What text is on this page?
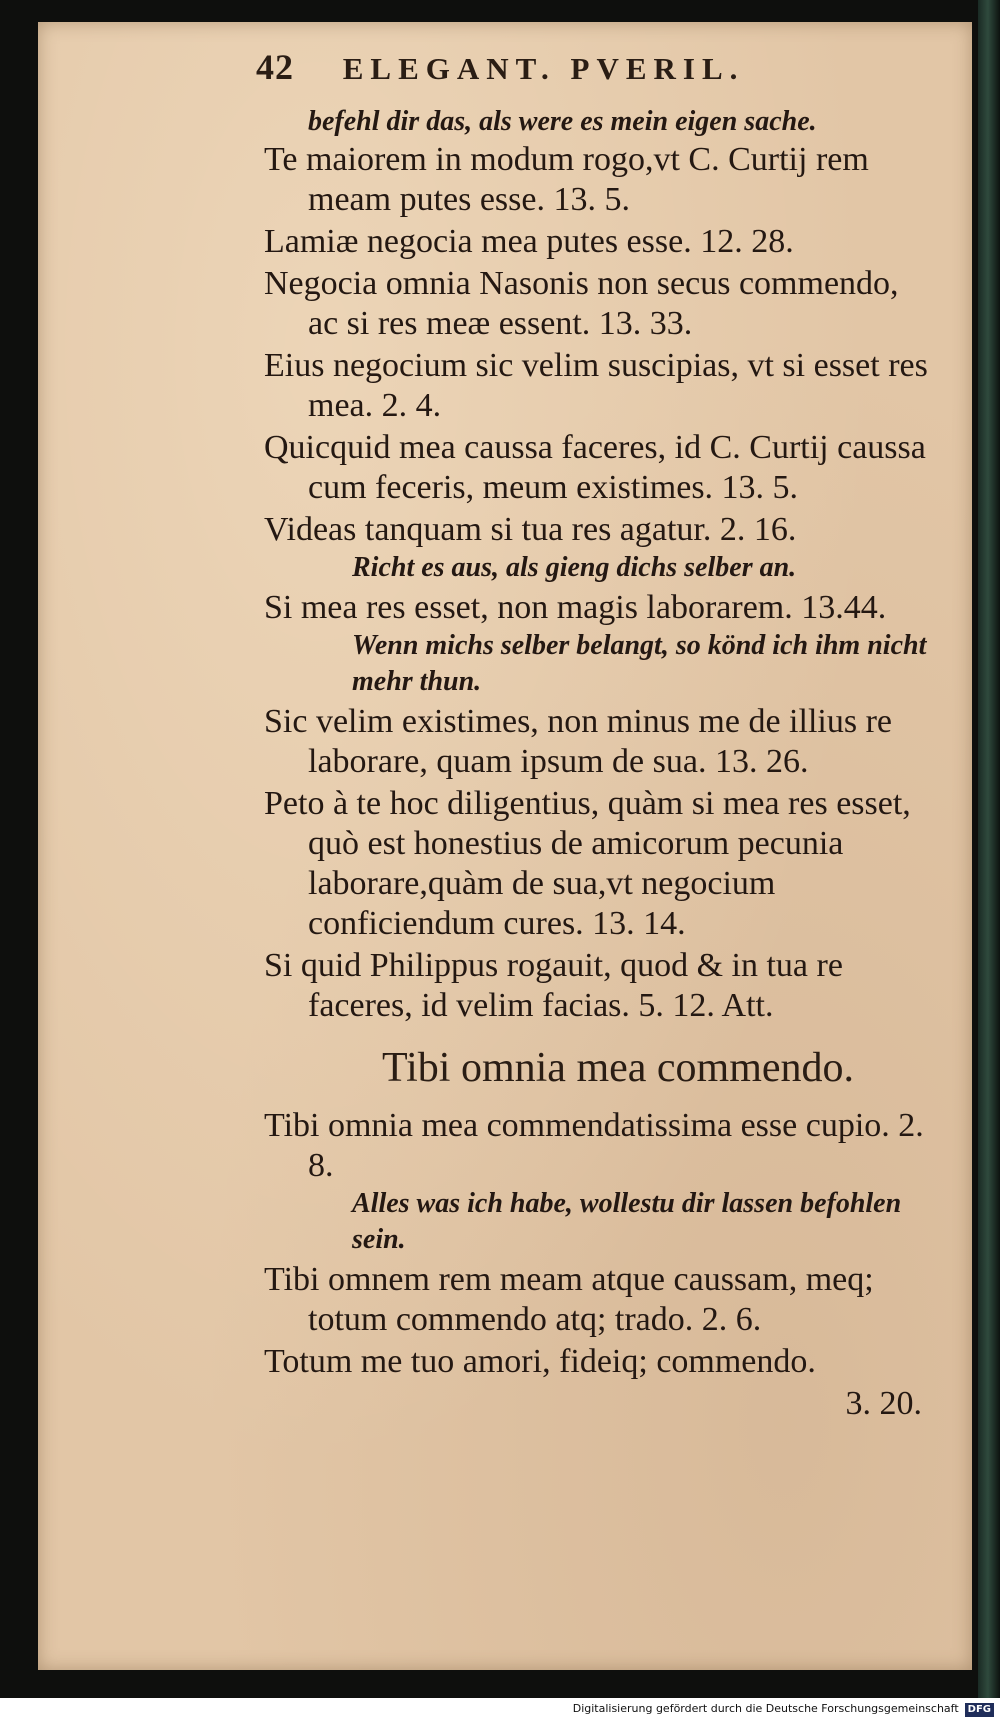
42 ELEGANT. PVERIL.
befehl dir das, als were es mein eigen sache.
Te maiorem in modum rogo,vt C. Curtij rem meam putes esse. 13. 5.
Lamiæ negocia mea putes esse. 12. 28.
Negocia omnia Nasonis non secus commendo, ac si res meæ essent. 13. 33.
Eius negocium sic velim suscipias, vt si esset res mea. 2. 4.
Quicquid mea caussa faceres, id C. Curtij caussa cum feceris, meum existimes. 13. 5.
Videas tanquam si tua res agatur. 2. 16.
Richt es aus, als gieng dichs selber an.
Si mea res esset, non magis laborarem. 13.44.
Wenn michs selber belangt, so könd ich ihm nicht mehr thun.
Sic velim existimes, non minus me de illius re laborare, quam ipsum de sua. 13. 26.
Peto à te hoc diligentius, quàm si mea res esset, quò est honestius de amicorum pecunia laborare,quàm de sua,vt negocium conficiendum cures. 13. 14.
Si quid Philippus rogauit, quod & in tua re faceres, id velim facias. 5. 12. Att.
Tibi omnia mea commendo.
Tibi omnia mea commendatissima esse cupio. 2. 8.
Alles was ich habe, wollestu dir lassen befohlen sein.
Tibi omnem rem meam atque caussam, meq; totum commendo atq; trado. 2. 6.
Totum me tuo amori, fideiq; commendo.
3. 20.
Digitalisierung gefördert durch die Deutsche Forschungsgemeinschaft DFG
